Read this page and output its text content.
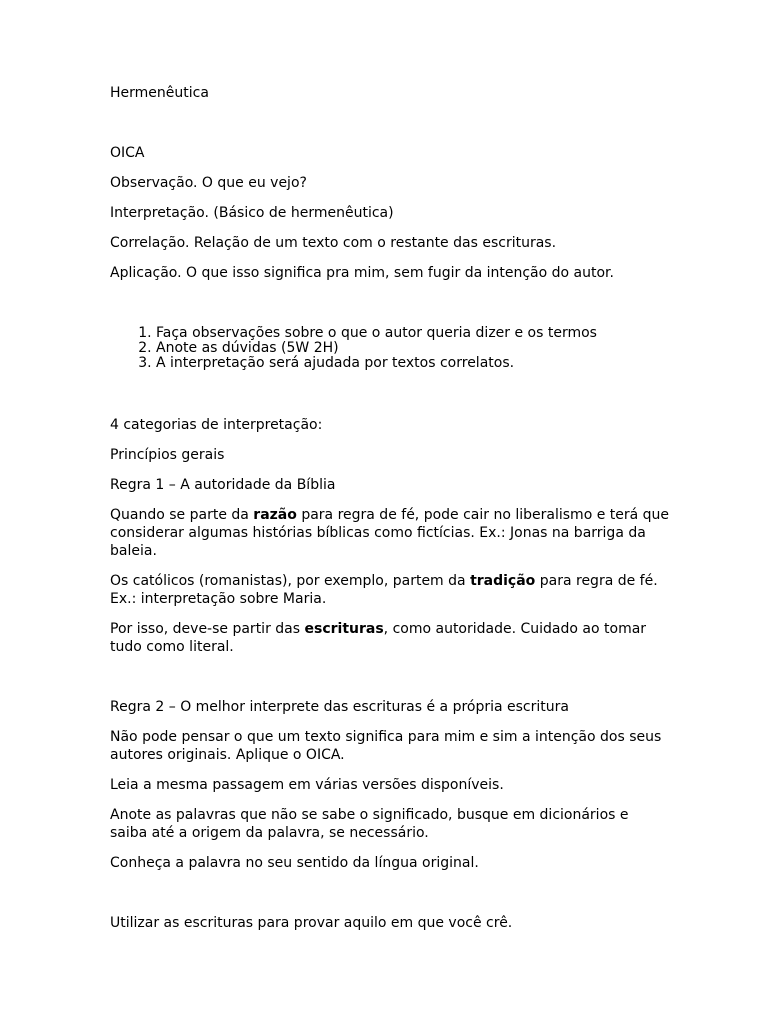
Hermenêutica

OICA

Observação. O que eu vejo?

Interpretação. (Básico de hermenêutica)

Correlação. Relação de um texto com o restante das escrituras.

Aplicação. O que isso significa pra mim, sem fugir da intenção do autor.

1. Faça observações sobre o que o autor queria dizer e os termos
2. Anote as dúvidas (5W 2H)
3. A interpretação será ajudada por textos correlatos.

4 categorias de interpretação:

Princípios gerais

Regra 1 – A autoridade da Bíblia

Quando se parte da razão para regra de fé, pode cair no liberalismo e terá que considerar algumas histórias bíblicas como fictícias. Ex.: Jonas na barriga da baleia.

Os católicos (romanistas), por exemplo, partem da tradição para regra de fé. Ex.: interpretação sobre Maria.

Por isso, deve-se partir das escrituras, como autoridade. Cuidado ao tomar tudo como literal.

Regra 2 – O melhor interprete das escrituras é a própria escritura

Não pode pensar o que um texto significa para mim e sim a intenção dos seus autores originais. Aplique o OICA.

Leia a mesma passagem em várias versões disponíveis.

Anote as palavras que não se sabe o significado, busque em dicionários e saiba até a origem da palavra, se necessário.

Conheça a palavra no seu sentido da língua original.

Utilizar as escrituras para provar aquilo em que você crê.
